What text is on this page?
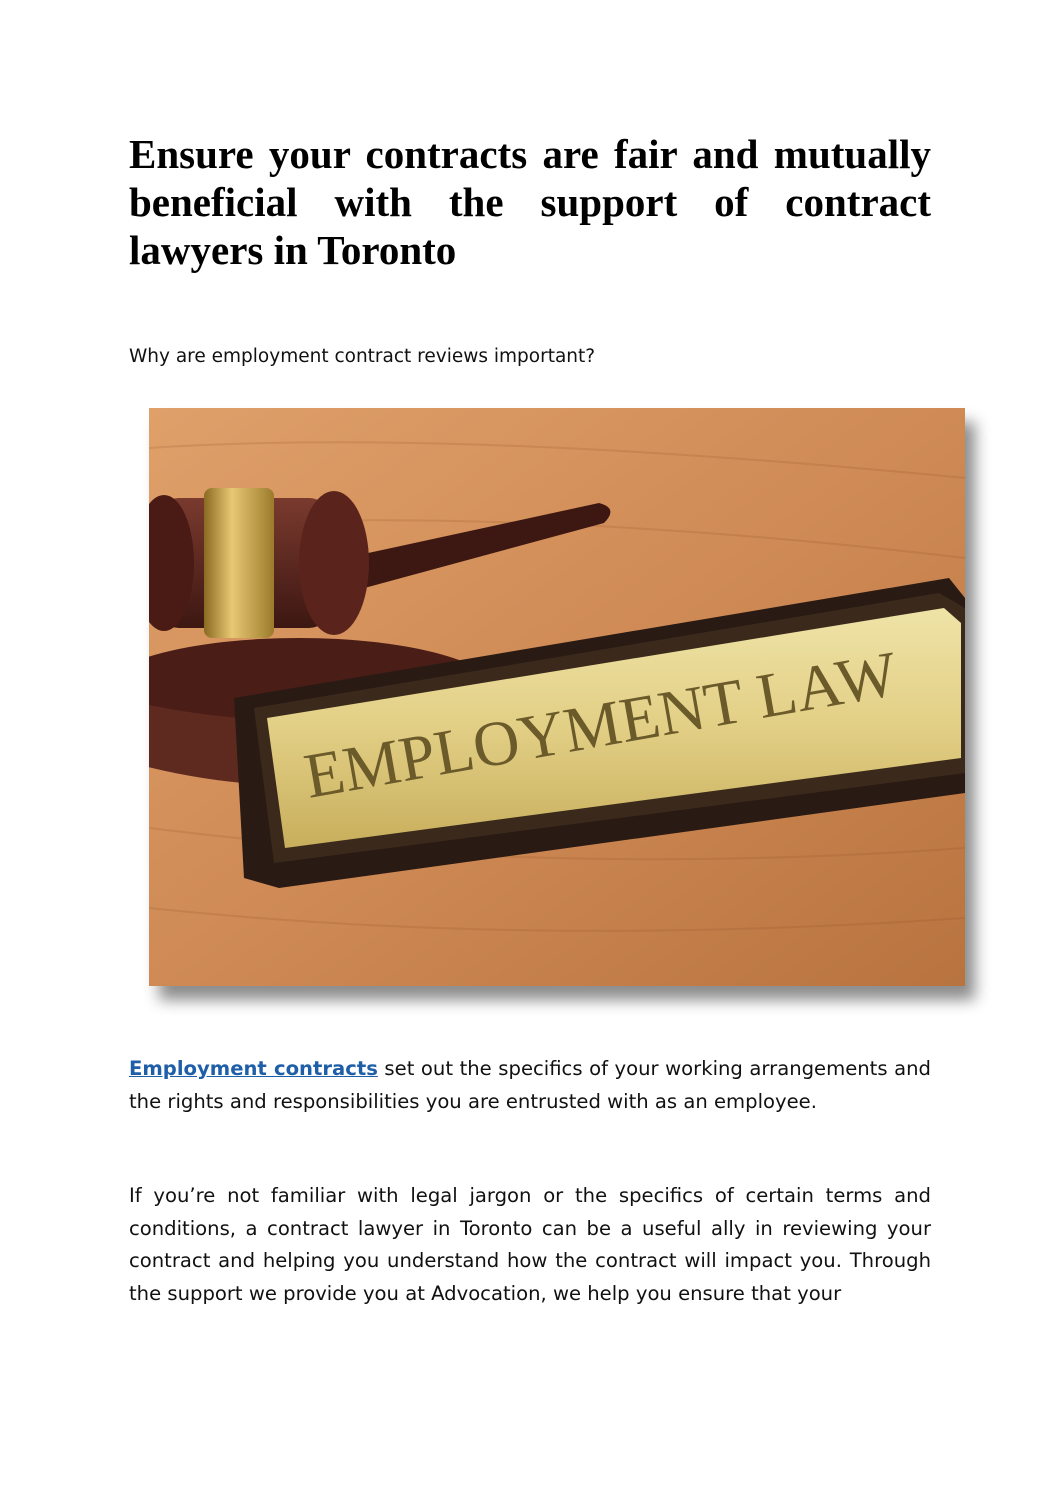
Ensure your contracts are fair and mutually beneficial with the support of contract lawyers in Toronto

Why are employment contract reviews important?

EMPLOYMENT LAW

Employment contracts set out the specifics of your working arrangements and the rights and responsibilities you are entrusted with as an employee.

If you’re not familiar with legal jargon or the specifics of certain terms and conditions, a contract lawyer in Toronto can be a useful ally in reviewing your contract and helping you understand how the contract will impact you. Through the support we provide you at Advocation, we help you ensure that your
